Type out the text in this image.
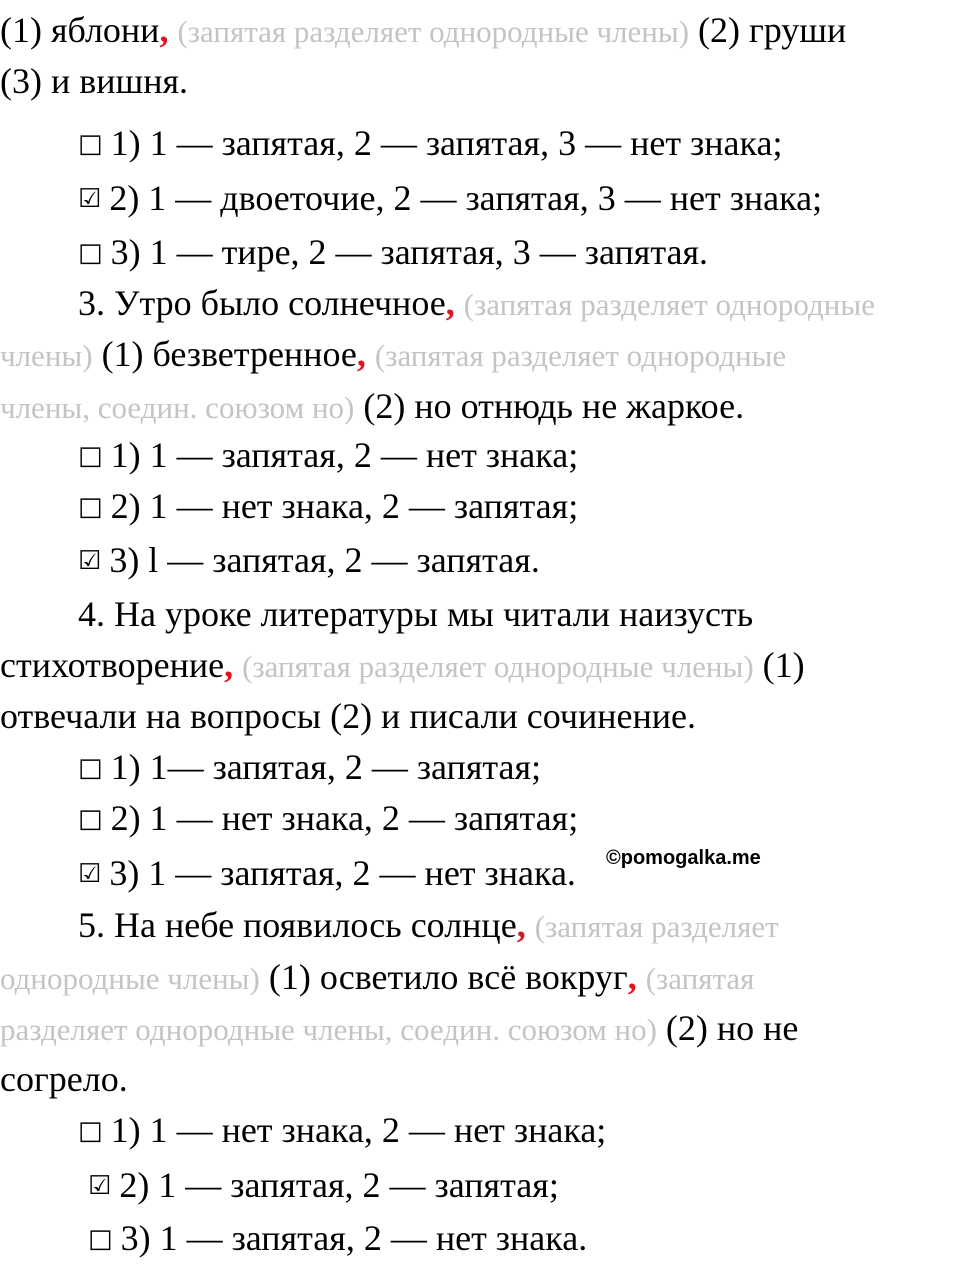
(1) яблони, (запятая разделяет однородные члены) (2) груши
(3) и вишня.
□ 1) 1 — запятая, 2 — запятая, 3 — нет знака;
☑ 2) 1 — двоеточие, 2 — запятая, 3 — нет знака;
□ 3) 1 — тире, 2 — запятая, 3 — запятая.
3. Утро было солнечное, (запятая разделяет однородные
члены) (1) безветренное, (запятая разделяет однородные
члены, соедин. союзом но) (2) но отнюдь не жаркое.
□ 1) 1 — запятая, 2 — нет знака;
□ 2) 1 — нет знака, 2 — запятая;
☑ 3) l — запятая, 2 — запятая.
4. На уроке литературы мы читали наизусть
стихотворение, (запятая разделяет однородные члены) (1)
отвечали на вопросы (2) и писали сочинение.
□ 1) 1— запятая, 2 — запятая;
□ 2) 1 — нет знака, 2 — запятая;
☑ 3) 1 — запятая, 2 — нет знака. ©pomogalka.me
5. На небе появилось солнце, (запятая разделяет
однородные члены) (1) осветило всё вокруг, (запятая
разделяет однородные члены, соедин. союзом но) (2) но не
согрело.
□ 1) 1 — нет знака, 2 — нет знака;
☑ 2) 1 — запятая, 2 — запятая;
□ 3) 1 — запятая, 2 — нет знака.
